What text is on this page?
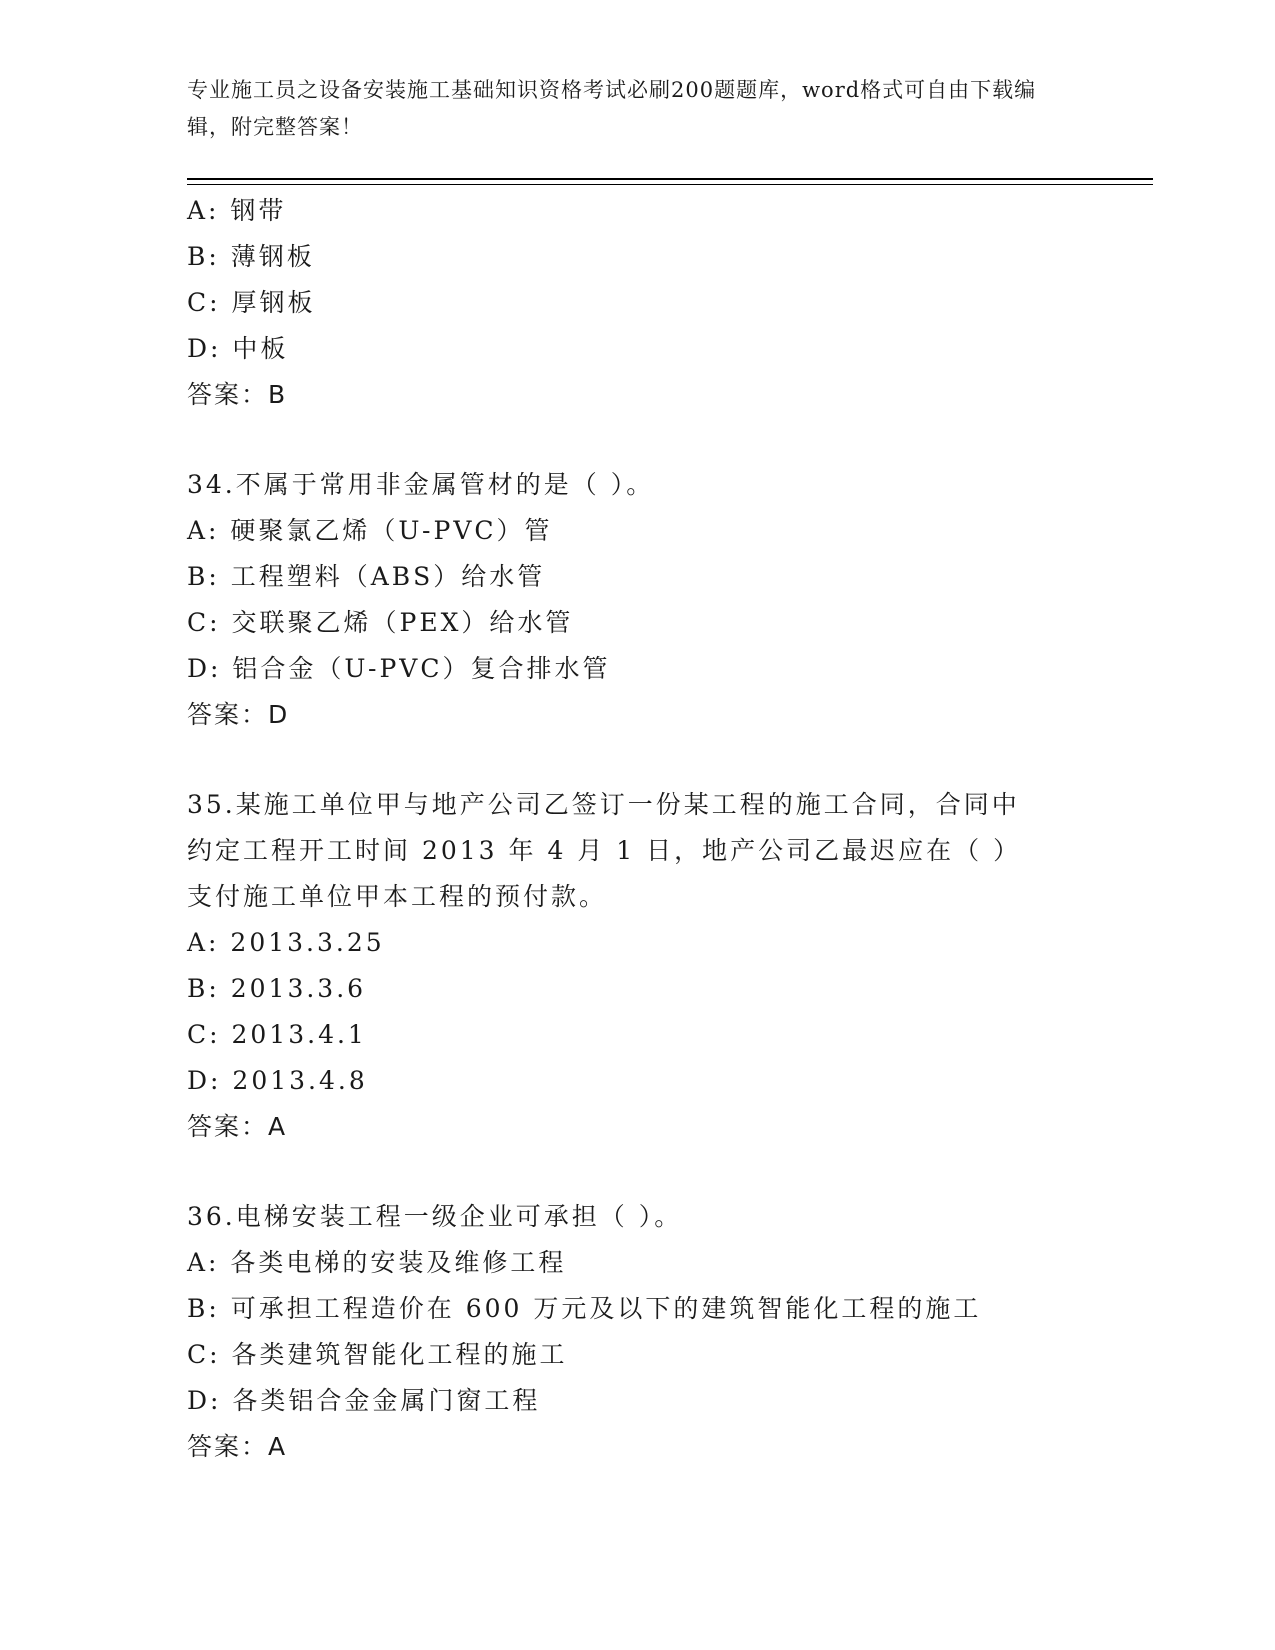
专业施工员之设备安装施工基础知识资格考试必刷200题题库，word格式可自由下载编辑，附完整答案！
A: 钢带
B: 薄钢板
C: 厚钢板
D: 中板
答案：B
34.不属于常用非金属管材的是（ ）。
A: 硬聚氯乙烯（U-PVC）管
B: 工程塑料（ABS）给水管
C: 交联聚乙烯（PEX）给水管
D: 铝合金（U-PVC）复合排水管
答案：D
35.某施工单位甲与地产公司乙签订一份某工程的施工合同，合同中约定工程开工时间 2013 年 4 月 1 日，地产公司乙最迟应在（ ）支付施工单位甲本工程的预付款。
A: 2013.3.25
B: 2013.3.6
C: 2013.4.1
D: 2013.4.8
答案：A
36.电梯安装工程一级企业可承担（ ）。
A: 各类电梯的安装及维修工程
B: 可承担工程造价在 600 万元及以下的建筑智能化工程的施工
C: 各类建筑智能化工程的施工
D: 各类铝合金金属门窗工程
答案：A
